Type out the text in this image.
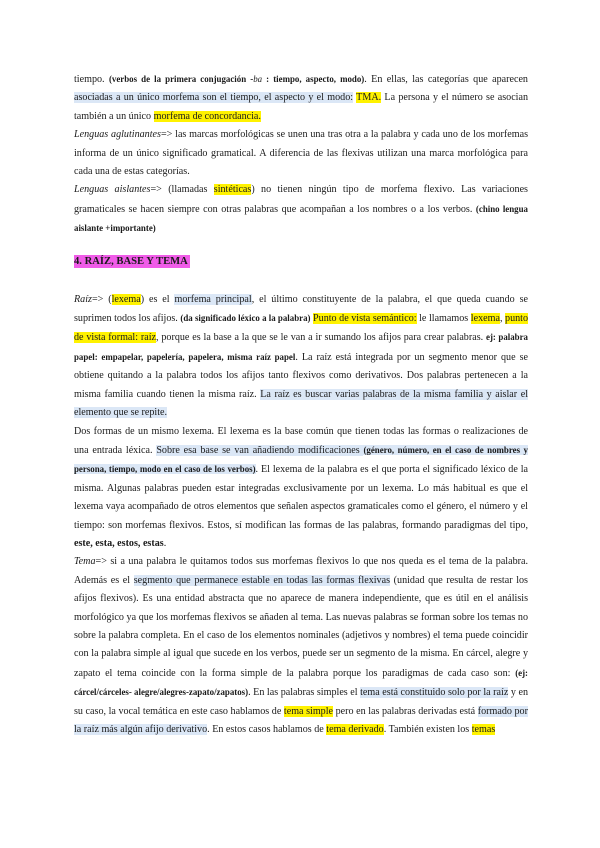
tiempo. (verbos de la primera conjugación -ba : tiempo, aspecto, modo). En ellas, las categorías que aparecen asociadas a un único morfema son el tiempo, el aspecto y el modo: TMA. La persona y el número se asocian también a un único morfema de concordancia.

Lenguas aglutinantes=> las marcas morfológicas se unen una tras otra a la palabra y cada uno de los morfemas informa de un único significado gramatical. A diferencia de las flexivas utilizan una marca morfológica para cada una de estas categorías.

Lenguas aislantes=> (llamadas sintéticas) no tienen ningún tipo de morfema flexivo. Las variaciones gramaticales se hacen siempre con otras palabras que acompañan a los nombres o a los verbos. (chino lengua aislante +importante)

4. RAÍZ, BASE Y TEMA

Raíz=> (lexema) es el morfema principal, el último constituyente de la palabra, el que queda cuando se suprimen todos los afijos. (da significado léxico a la palabra) Punto de vista semántico: le llamamos lexema, punto de vista formal: raíz, porque es la base a la que se le van a ir sumando los afijos para crear palabras. ej: palabra papel: empapelar, papelería, papelera, misma raíz papel. La raíz está integrada por un segmento menor que se obtiene quitando a la palabra todos los afijos tanto flexivos como derivativos. Dos palabras pertenecen a la misma familia cuando tienen la misma raíz. La raíz es buscar varias palabras de la misma familia y aislar el elemento que se repite.

Dos formas de un mismo lexema. El lexema es la base común que tienen todas las formas o realizaciones de una entrada léxica. Sobre esa base se van añadiendo modificaciones (género, número, en el caso de nombres y persona, tiempo, modo en el caso de los verbos). El lexema de la palabra es el que porta el significado léxico de la misma. Algunas palabras pueden estar integradas exclusivamente por un lexema. Lo más habitual es que el lexema vaya acompañado de otros elementos que señalen aspectos gramaticales como el género, el número y el tiempo: son morfemas flexivos. Estos, sí modifican las formas de las palabras, formando paradigmas del tipo, este, esta, estos, estas.

Tema=> si a una palabra le quitamos todos sus morfemas flexivos lo que nos queda es el tema de la palabra. Además es el segmento que permanece estable en todas las formas flexivas (unidad que resulta de restar los afijos flexivos). Es una entidad abstracta que no aparece de manera independiente, que es útil en el análisis morfológico ya que los morfemas flexivos se añaden al tema. Las nuevas palabras se forman sobre los temas no sobre la palabra completa. En el caso de los elementos nominales (adjetivos y nombres) el tema puede coincidir con la palabra simple al igual que sucede en los verbos, puede ser un segmento de la misma. En cárcel, alegre y zapato el tema coincide con la forma simple de la palabra porque los paradigmas de cada caso son: (ej: cárcel/cárceles- alegre/alegres-zapato/zapatos). En las palabras simples el tema está constituido solo por la raíz y en su caso, la vocal temática en este caso hablamos de tema simple pero en las palabras derivadas está formado por la raíz más algún afijo derivativo. En estos casos hablamos de tema derivado. También existen los temas
